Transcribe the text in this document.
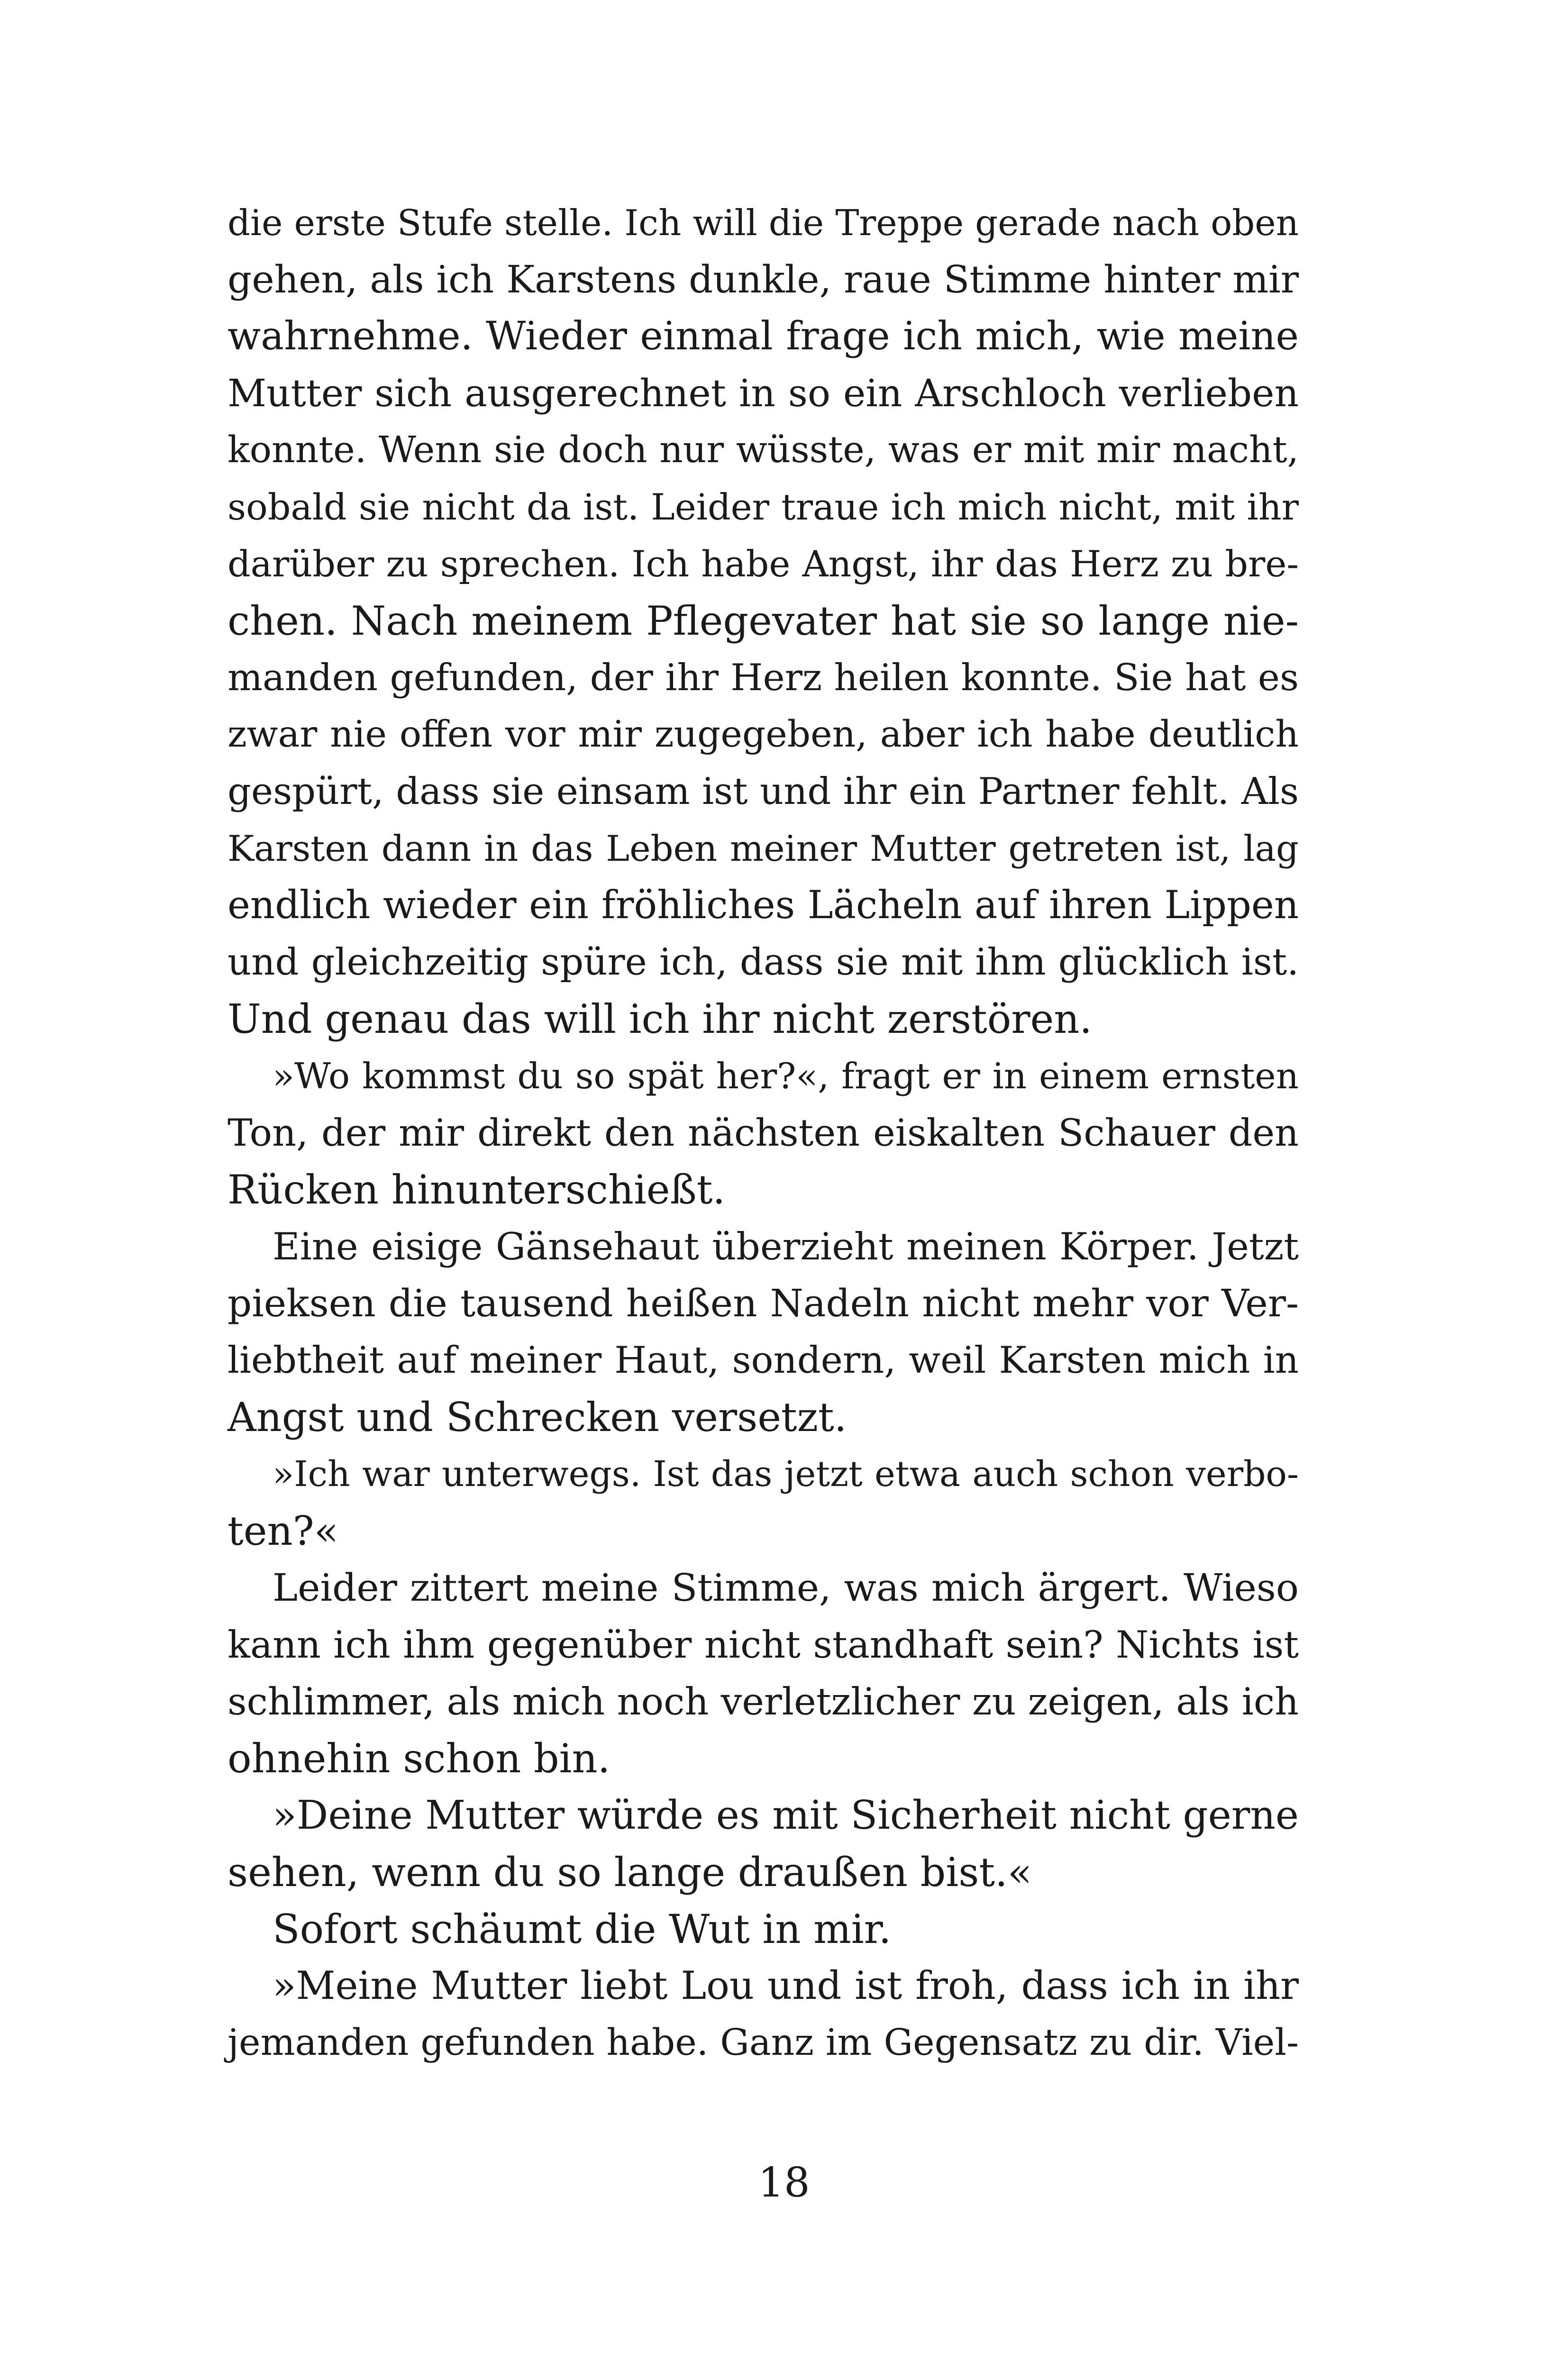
die erste Stufe stelle. Ich will die Treppe gerade nach oben
gehen, als ich Karstens dunkle, raue Stimme hinter mir
wahrnehme. Wieder einmal frage ich mich, wie meine
Mutter sich ausgerechnet in so ein Arschloch verlieben
konnte. Wenn sie doch nur wüsste, was er mit mir macht,
sobald sie nicht da ist. Leider traue ich mich nicht, mit ihr
darüber zu sprechen. Ich habe Angst, ihr das Herz zu bre-
chen. Nach meinem Pflegevater hat sie so lange nie-
manden gefunden, der ihr Herz heilen konnte. Sie hat es
zwar nie offen vor mir zugegeben, aber ich habe deutlich
gespürt, dass sie einsam ist und ihr ein Partner fehlt. Als
Karsten dann in das Leben meiner Mutter getreten ist, lag
endlich wieder ein fröhliches Lächeln auf ihren Lippen
und gleichzeitig spüre ich, dass sie mit ihm glücklich ist.
Und genau das will ich ihr nicht zerstören.
»Wo kommst du so spät her?«, fragt er in einem ernsten
Ton, der mir direkt den nächsten eiskalten Schauer den
Rücken hinunterschießt.
Eine eisige Gänsehaut überzieht meinen Körper. Jetzt
pieksen die tausend heißen Nadeln nicht mehr vor Ver-
liebtheit auf meiner Haut, sondern, weil Karsten mich in
Angst und Schrecken versetzt.
»Ich war unterwegs. Ist das jetzt etwa auch schon verbo-
ten?«
Leider zittert meine Stimme, was mich ärgert. Wieso
kann ich ihm gegenüber nicht standhaft sein? Nichts ist
schlimmer, als mich noch verletzlicher zu zeigen, als ich
ohnehin schon bin.
»Deine Mutter würde es mit Sicherheit nicht gerne
sehen, wenn du so lange draußen bist.«
Sofort schäumt die Wut in mir.
»Meine Mutter liebt Lou und ist froh, dass ich in ihr
jemanden gefunden habe. Ganz im Gegensatz zu dir. Viel-
18
